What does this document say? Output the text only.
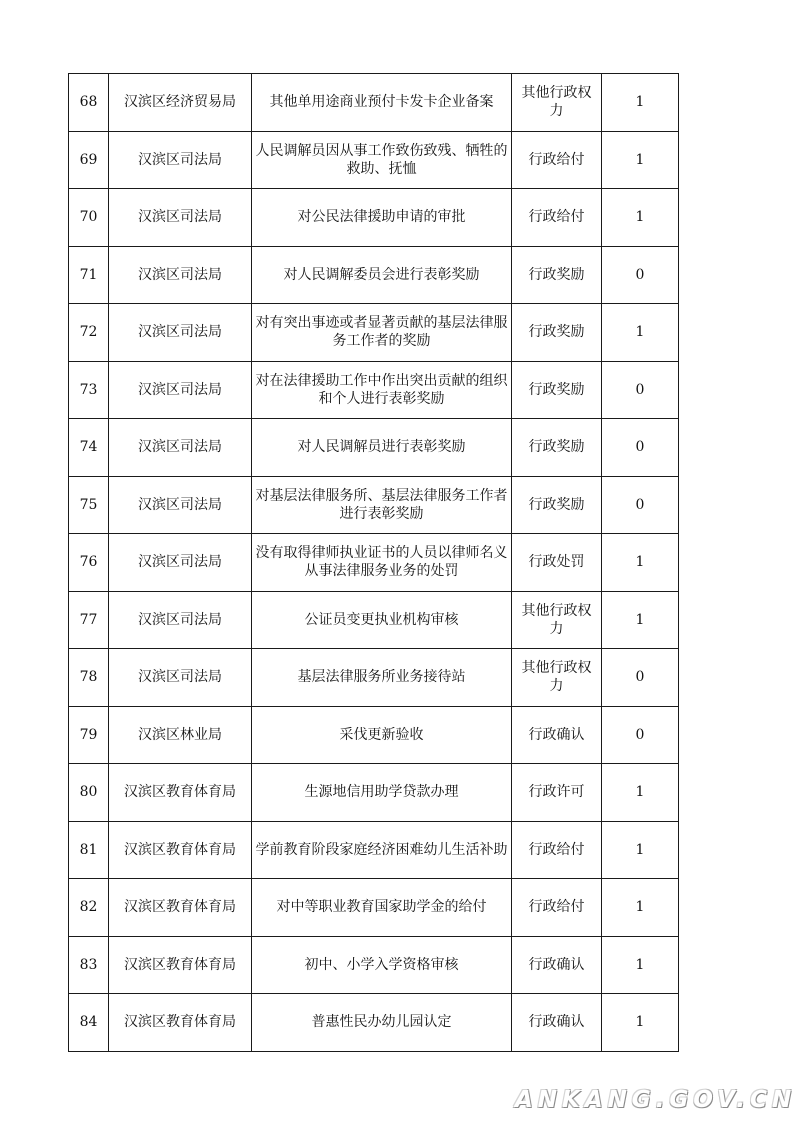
68	汉滨区经济贸易局	其他单用途商业预付卡发卡企业备案	其他行政权力	1
69	汉滨区司法局	人民调解员因从事工作致伤致残、牺牲的救助、抚恤	行政给付	1
70	汉滨区司法局	对公民法律援助申请的审批	行政给付	1
71	汉滨区司法局	对人民调解委员会进行表彰奖励	行政奖励	0
72	汉滨区司法局	对有突出事迹或者显著贡献的基层法律服务工作者的奖励	行政奖励	1
73	汉滨区司法局	对在法律援助工作中作出突出贡献的组织和个人进行表彰奖励	行政奖励	0
74	汉滨区司法局	对人民调解员进行表彰奖励	行政奖励	0
75	汉滨区司法局	对基层法律服务所、基层法律服务工作者进行表彰奖励	行政奖励	0
76	汉滨区司法局	没有取得律师执业证书的人员以律师名义从事法律服务业务的处罚	行政处罚	1
77	汉滨区司法局	公证员变更执业机构审核	其他行政权力	1
78	汉滨区司法局	基层法律服务所业务接待站	其他行政权力	0
79	汉滨区林业局	采伐更新验收	行政确认	0
80	汉滨区教育体育局	生源地信用助学贷款办理	行政许可	1
81	汉滨区教育体育局	学前教育阶段家庭经济困难幼儿生活补助	行政给付	1
82	汉滨区教育体育局	对中等职业教育国家助学金的给付	行政给付	1
83	汉滨区教育体育局	初中、小学入学资格审核	行政确认	1
84	汉滨区教育体育局	普惠性民办幼儿园认定	行政确认	1
ANKANG.GOV.CN
